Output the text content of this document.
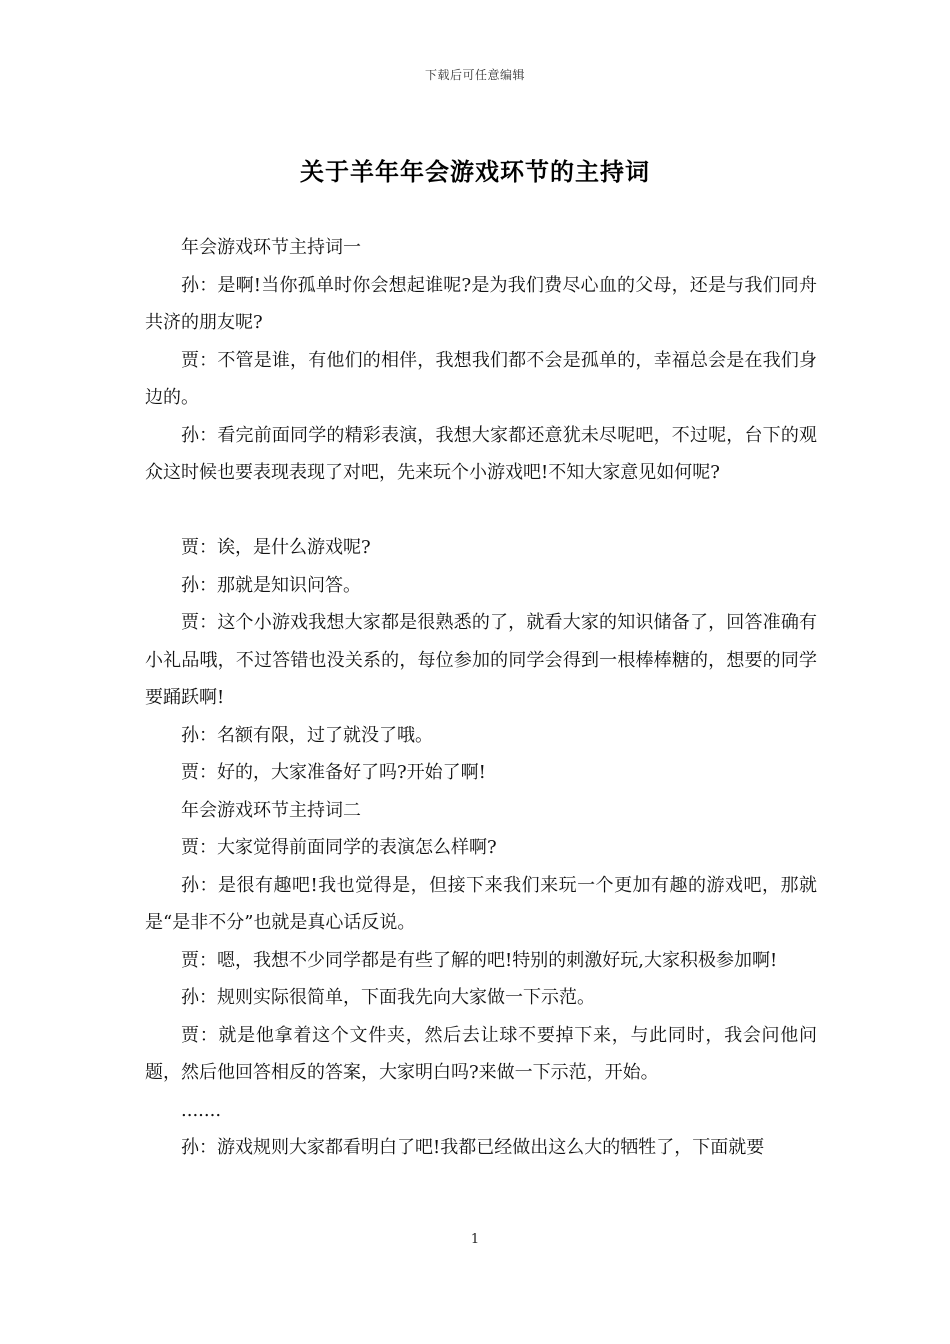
下载后可任意编辑
关于羊年年会游戏环节的主持词

年会游戏环节主持词一

孙：是啊!当你孤单时你会想起谁呢?是为我们费尽心血的父母，还是与我们同舟共济的朋友呢?

贾：不管是谁，有他们的相伴，我想我们都不会是孤单的，幸福总会是在我们身边的。

孙：看完前面同学的精彩表演，我想大家都还意犹未尽呢吧，不过呢，台下的观众这时候也要表现表现了对吧，先来玩个小游戏吧!不知大家意见如何呢?

贾：诶，是什么游戏呢?

孙：那就是知识问答。

贾：这个小游戏我想大家都是很熟悉的了，就看大家的知识储备了，回答准确有小礼品哦，不过答错也没关系的，每位参加的同学会得到一根棒棒糖的，想要的同学要踊跃啊!

孙：名额有限，过了就没了哦。

贾：好的，大家准备好了吗?开始了啊!

年会游戏环节主持词二

贾：大家觉得前面同学的表演怎么样啊?

孙：是很有趣吧!我也觉得是，但接下来我们来玩一个更加有趣的游戏吧，那就是“是非不分”也就是真心话反说。

贾：嗯，我想不少同学都是有些了解的吧!特别的刺激好玩,大家积极参加啊!

孙：规则实际很简单，下面我先向大家做一下示范。

贾：就是他拿着这个文件夹，然后去让球不要掉下来，与此同时，我会问他问题，然后他回答相反的答案，大家明白吗?来做一下示范，开始。

.......

孙：游戏规则大家都看明白了吧!我都已经做出这么大的牺牲了，下面就要

1
